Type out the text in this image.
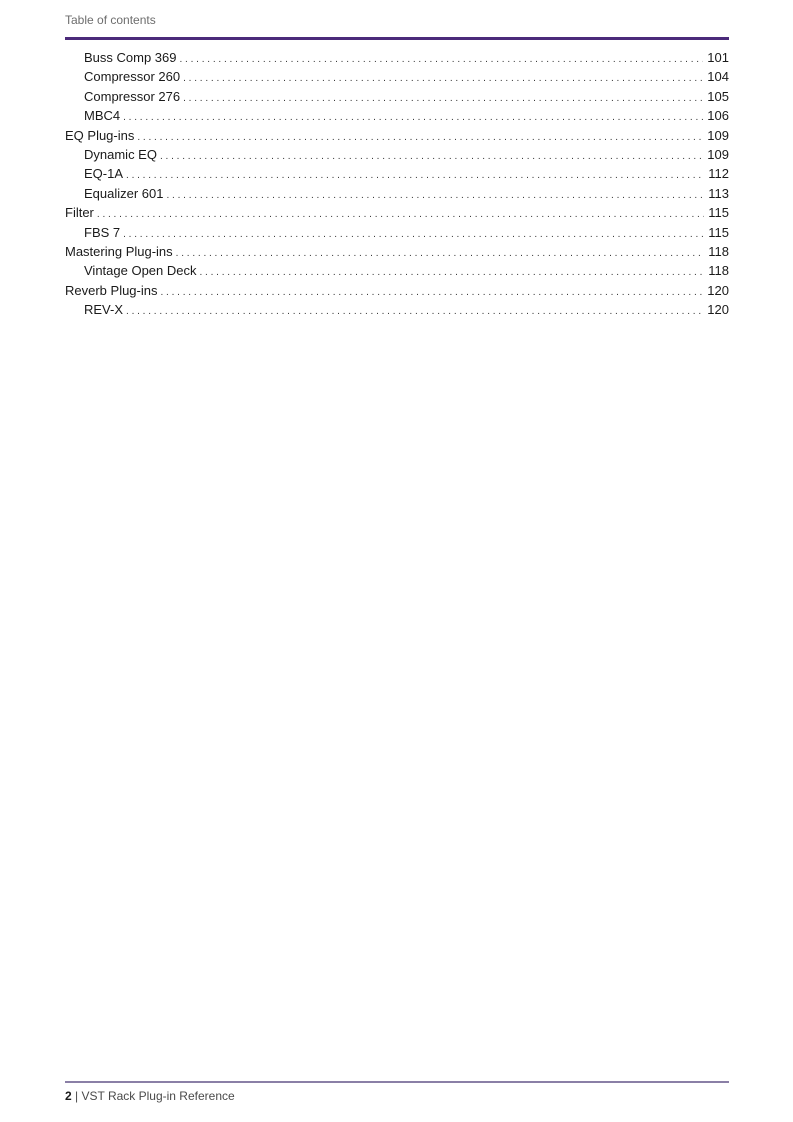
Table of contents
Buss Comp 369 . . .	101
Compressor 260 . . .	104
Compressor 276 . . .	105
MBC4 . . .	106
EQ Plug-ins . . .	109
Dynamic EQ . . .	109
EQ-1A . . .	112
Equalizer 601 . . .	113
Filter . . .	115
FBS 7 . . .	115
Mastering Plug-ins . . .	118
Vintage Open Deck . . .	118
Reverb Plug-ins . . .	120
REV-X . . .	120
2 | VST Rack Plug-in Reference
